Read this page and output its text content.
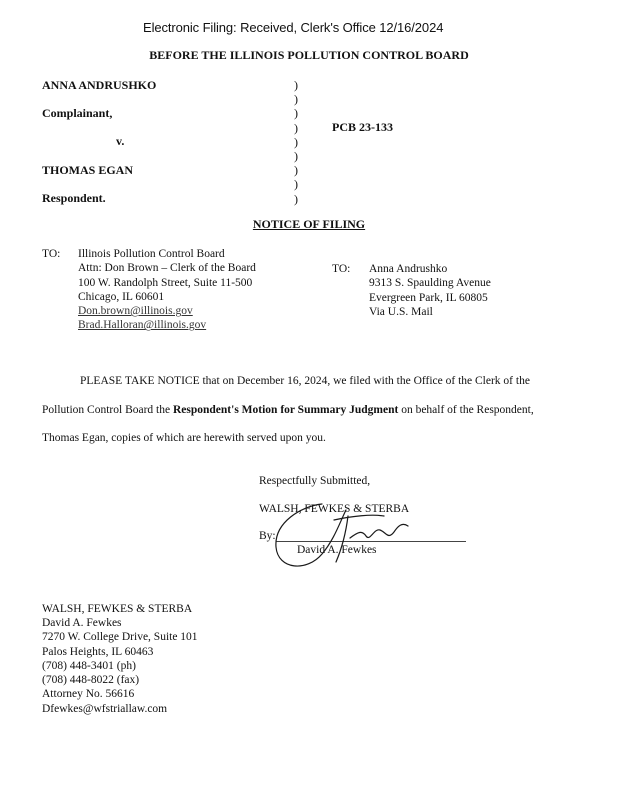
Electronic Filing: Received, Clerk's Office 12/16/2024
BEFORE THE ILLINOIS POLLUTION CONTROL BOARD
ANNA ANDRUSHKO
Complainant,
v.
THOMAS EGAN
Respondent.
)
)
)
)
)
)
)
)
)
PCB 23-133
NOTICE OF FILING
TO: Illinois Pollution Control Board
Attn: Don Brown – Clerk of the Board
100 W. Randolph Street, Suite 11-500
Chicago, IL 60601
Don.brown@illinois.gov
Brad.Halloran@illinois.gov
TO: Anna Andrushko
9313 S. Spaulding Avenue
Evergreen Park, IL 60805
Via U.S. Mail
PLEASE TAKE NOTICE that on December 16, 2024, we filed with the Office of the Clerk of the
Pollution Control Board the Respondent's Motion for Summary Judgment on behalf of the Respondent,
Thomas Egan, copies of which are herewith served upon you.
Respectfully Submitted,
WALSH, FEWKES & STERBA
By:
David A. Fewkes
WALSH, FEWKES & STERBA
David A. Fewkes
7270 W. College Drive, Suite 101
Palos Heights, IL 60463
(708) 448-3401 (ph)
(708) 448-8022 (fax)
Attorney No. 56616
Dfewkes@wfstriallaw.com
